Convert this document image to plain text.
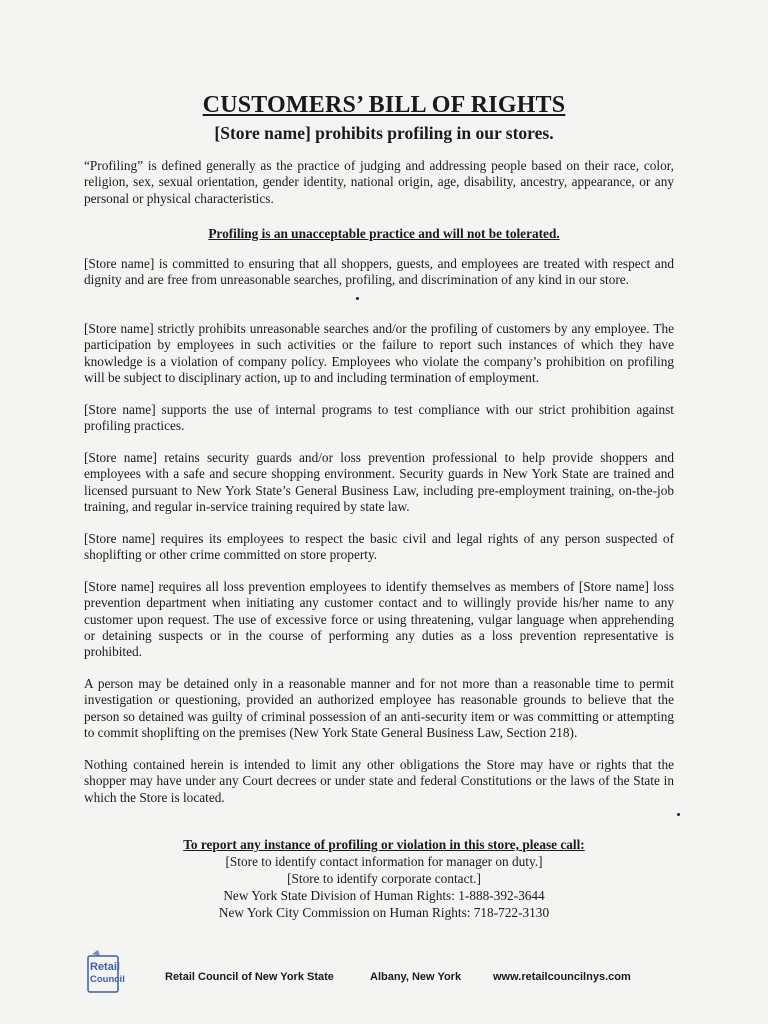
CUSTOMERS’ BILL OF RIGHTS
[Store name] prohibits profiling in our stores.
“Profiling” is defined generally as the practice of judging and addressing people based on their race, color, religion, sex, sexual orientation, gender identity, national origin, age, disability, ancestry, appearance, or any personal or physical characteristics.
Profiling is an unacceptable practice and will not be tolerated.
[Store name] is committed to ensuring that all shoppers, guests, and employees are treated with respect and dignity and are free from unreasonable searches, profiling, and discrimination of any kind in our store.
[Store name] strictly prohibits unreasonable searches and/or the profiling of customers by any employee. The participation by employees in such activities or the failure to report such instances of which they have knowledge is a violation of company policy. Employees who violate the company’s prohibition on profiling will be subject to disciplinary action, up to and including termination of employment.
[Store name] supports the use of internal programs to test compliance with our strict prohibition against profiling practices.
[Store name] retains security guards and/or loss prevention professional to help provide shoppers and employees with a safe and secure shopping environment. Security guards in New York State are trained and licensed pursuant to New York State’s General Business Law, including pre-employment training, on-the-job training, and regular in-service training required by state law.
[Store name] requires its employees to respect the basic civil and legal rights of any person suspected of shoplifting or other crime committed on store property.
[Store name] requires all loss prevention employees to identify themselves as members of [Store name] loss prevention department when initiating any customer contact and to willingly provide his/her name to any customer upon request. The use of excessive force or using threatening, vulgar language when apprehending or detaining suspects or in the course of performing any duties as a loss prevention representative is prohibited.
A person may be detained only in a reasonable manner and for not more than a reasonable time to permit investigation or questioning, provided an authorized employee has reasonable grounds to believe that the person so detained was guilty of criminal possession of an anti-security item or was committing or attempting to commit shoplifting on the premises (New York State General Business Law, Section 218).
Nothing contained herein is intended to limit any other obligations the Store may have or rights that the shopper may have under any Court decrees or under state and federal Constitutions or the laws of the State in which the Store is located.
To report any instance of profiling or violation in this store, please call:
[Store to identify contact information for manager on duty.]
[Store to identify corporate contact.]
New York State Division of Human Rights: 1-888-392-3644
New York City Commission on Human Rights: 718-722-3130
Retail
Council	Retail Council of New York State	Albany, New York	www.retailcouncilnys.com
